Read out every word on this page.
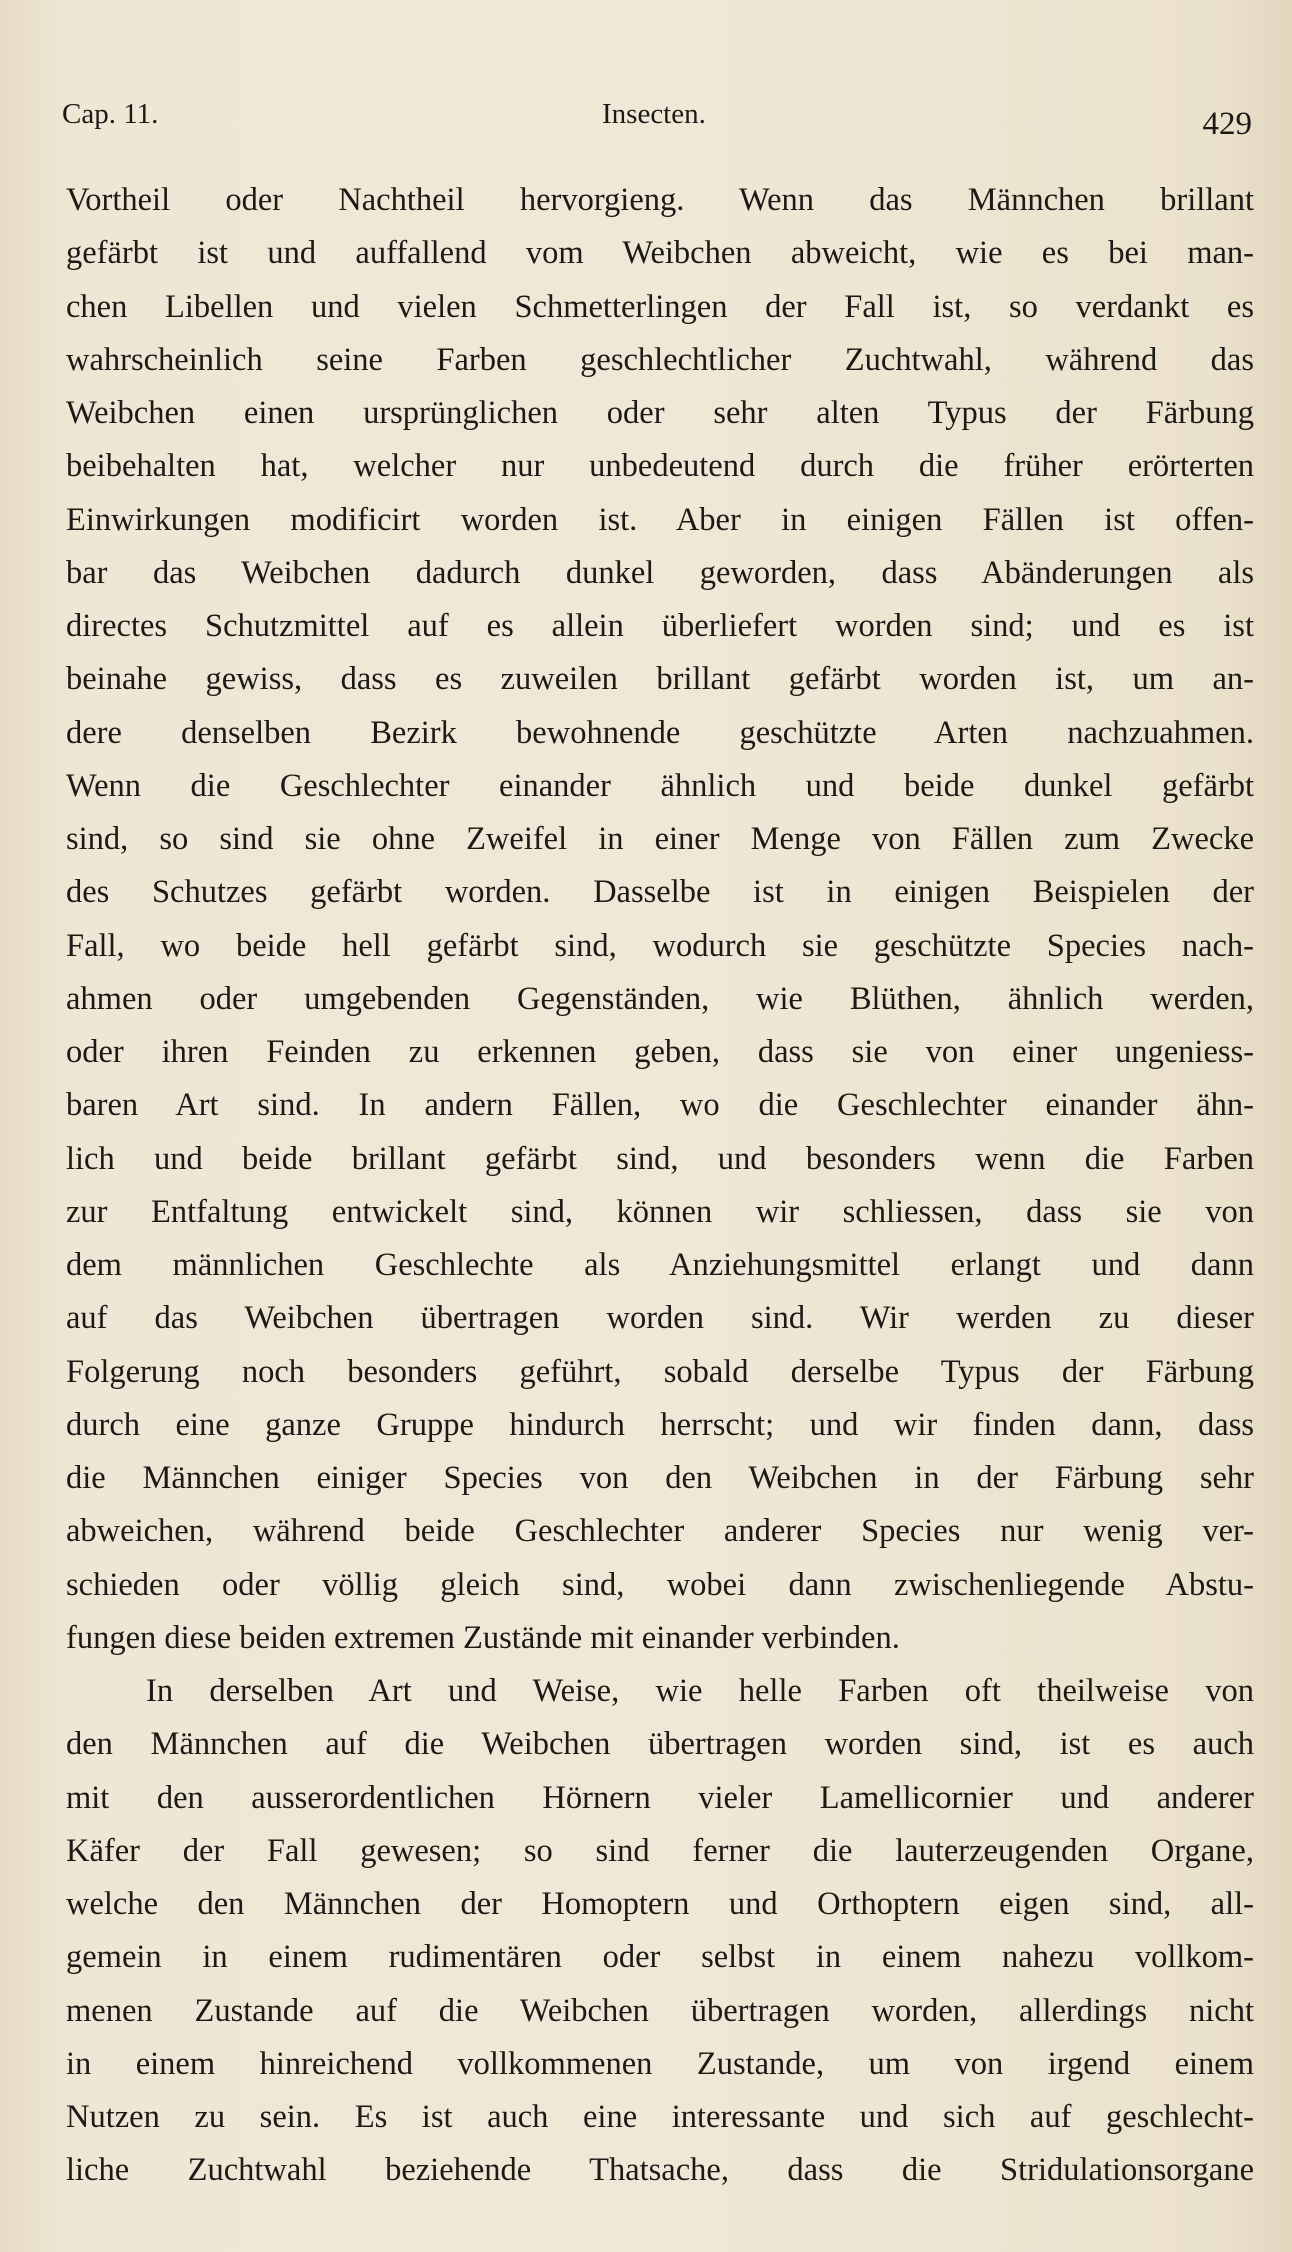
Cap. 11.	Insecten.	429
Vortheil oder Nachtheil hervorgieng. Wenn das Männchen brillant
gefärbt ist und auffallend vom Weibchen abweicht, wie es bei man-
chen Libellen und vielen Schmetterlingen der Fall ist, so verdankt es
wahrscheinlich seine Farben geschlechtlicher Zuchtwahl, während das
Weibchen einen ursprünglichen oder sehr alten Typus der Färbung
beibehalten hat, welcher nur unbedeutend durch die früher erörterten
Einwirkungen modificirt worden ist. Aber in einigen Fällen ist offen-
bar das Weibchen dadurch dunkel geworden, dass Abänderungen als
directes Schutzmittel auf es allein überliefert worden sind; und es ist
beinahe gewiss, dass es zuweilen brillant gefärbt worden ist, um an-
dere denselben Bezirk bewohnende geschützte Arten nachzuahmen.
Wenn die Geschlechter einander ähnlich und beide dunkel gefärbt
sind, so sind sie ohne Zweifel in einer Menge von Fällen zum Zwecke
des Schutzes gefärbt worden. Dasselbe ist in einigen Beispielen der
Fall, wo beide hell gefärbt sind, wodurch sie geschützte Species nach-
ahmen oder umgebenden Gegenständen, wie Blüthen, ähnlich werden,
oder ihren Feinden zu erkennen geben, dass sie von einer ungeniess-
baren Art sind. In andern Fällen, wo die Geschlechter einander ähn-
lich und beide brillant gefärbt sind, und besonders wenn die Farben
zur Entfaltung entwickelt sind, können wir schliessen, dass sie von
dem männlichen Geschlechte als Anziehungsmittel erlangt und dann
auf das Weibchen übertragen worden sind. Wir werden zu dieser
Folgerung noch besonders geführt, sobald derselbe Typus der Färbung
durch eine ganze Gruppe hindurch herrscht; und wir finden dann, dass
die Männchen einiger Species von den Weibchen in der Färbung sehr
abweichen, während beide Geschlechter anderer Species nur wenig ver-
schieden oder völlig gleich sind, wobei dann zwischenliegende Abstu-
fungen diese beiden extremen Zustände mit einander verbinden.
In derselben Art und Weise, wie helle Farben oft theilweise von
den Männchen auf die Weibchen übertragen worden sind, ist es auch
mit den ausserordentlichen Hörnern vieler Lamellicornier und anderer
Käfer der Fall gewesen; so sind ferner die lauterzeugenden Organe,
welche den Männchen der Homoptern und Orthoptern eigen sind, all-
gemein in einem rudimentären oder selbst in einem nahezu vollkom-
menen Zustande auf die Weibchen übertragen worden, allerdings nicht
in einem hinreichend vollkommenen Zustande, um von irgend einem
Nutzen zu sein. Es ist auch eine interessante und sich auf geschlecht-
liche Zuchtwahl beziehende Thatsache, dass die Stridulationsorgane
